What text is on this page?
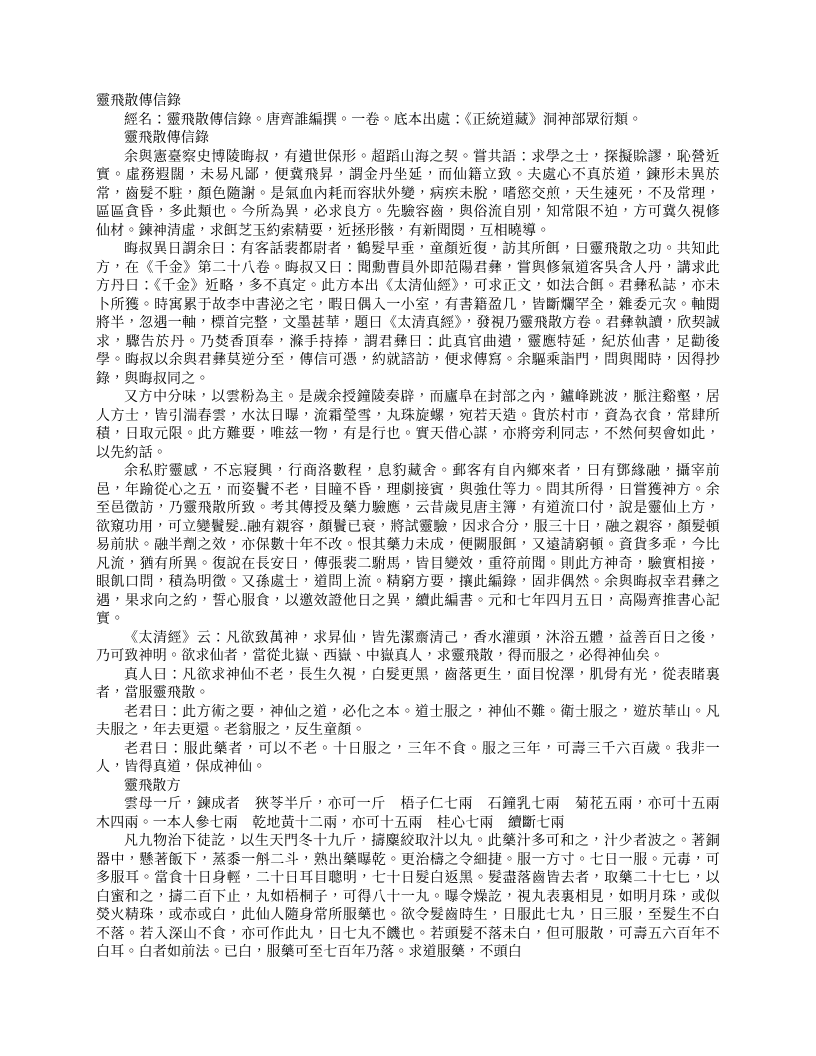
靈飛散傳信錄

經名：靈飛散傳信錄。唐齊誰編撰。一卷。底本出處：《正統道藏》洞神部眾衍類。

靈飛散傳信錄

余與憲臺察史博陵晦叔，有遺世保形。超蹈山海之契。嘗共語：求學之士，探擬賒謬，恥營近實。虛務遐闊，未易凡鄙，便冀飛昇，謂金丹坐延，而仙籍立致。夫處心不真於道，鍊形未異於常，齒髮不駐，顏色隨謝。是氣血內耗而容狀外變，病疾未脫，嗜慾交煎，天生速死，不及常理，區區貪昏，多此類也。今所為異，必求良方。先驗容齒，與俗流自別，知常限不迫，方可冀久視修仙材。鍊神清虛，求餌芝玉約索精要，近拯形骸，有新聞閱，互相曉導。

晦叔異日謂余曰：有客話裴都尉者，鶴髮早垂，童顏近復，訪其所餌，曰靈飛散之功。共知此方，在《千金》第二十八卷。晦叔又曰：聞勳曹員外即范陽君彝，嘗與修氣道客吳含人丹，講求此方丹曰：《千金》近略，多不真定。此方本出《太清仙經》，可求正文，如法合餌。君彝私誌，亦未卜所獲。時寓累于故李中書泌之宅，暇日偶入一小室，有書籍盈几，皆斷爛罕全，雜委元次。軸閱將半，忽遇一軸，標首完整，文墨甚華，題曰《太清真經》，發視乃靈飛散方卷。君彝執讀，欣契誠求，驟告於丹。乃焚香頂奉，滌手持捧，謂君彝曰：此真官曲遺，靈應特延，紀於仙書，足勸後學。晦叔以余與君彝莫逆分至，傳信可憑，約就諮訪，便求傳寫。余驅乘詣門，問與聞時，因得抄錄，與晦叔同之。

又方中分味，以雲粉為主。是歲余授鐘陵奏辟，而廬阜在封部之內，鑪峰跳波，脈注谿壑，居人方士，皆引湍春雲，水汰日曝，流霜瑩雪，丸珠旋螺，宛若天造。貨於村市，資為衣食，常肆所積，日取元限。此方難要，唯兹一物，有是行也。實天借心謀，亦將旁利同志，不然何契會如此，以先約話。

余私貯靈感，不忘寢興，行商洛數程，息豹藏舍。郵客有自內鄉來者，曰有鄧緣融，攝宰前邑，年踰從心之五，而姿鬢不老，目瞳不昏，理劇接賓，與強仕等力。問其所得，曰嘗獲神方。余至邑徵訪，乃靈飛散所致。考其傳授及藥力驗應，云昔歲見唐主簿，有道流口付，說是靈仙上方，欲窺功用，可立變鬢髮..融有親容，顏鬢已衰，將試靈驗，因求合分，服三十日，融之親容，顏髮頓易前狀。融半劑之效，亦保數十年不改。恨其藥力未成，便闕服餌，又遠請窮頓。資貨多乖，今比凡流，猶有所異。復說在長安日，傳張裴二駙馬，皆目變效，重符前聞。則此方神奇，驗實相接，眼飢口問，積為明徵。又孫處士，道問上流。精窮方要，攘此編錄，固非偶然。余與晦叔幸君彝之遇，果求向之約，誓心服食，以邀效證他日之異，續此編書。元和七年四月五日，高陽齊推書心記實。

《太清經》云：凡欲致萬神，求昇仙，皆先潔齋清己，香水灌頭，沐浴五體，益善百日之後，乃可致神明。欲求仙者，當從北嶽、西嶽、中嶽真人，求靈飛散，得而服之，必得神仙矣。

真人曰：凡欲求神仙不老，長生久視，白髮更黑，齒落更生，面目悅澤，肌骨有光，從表睹裏者，當服靈飛散。

老君曰：此方術之要，神仙之道，必化之本。道士服之，神仙不難。衛士服之，遊於華山。凡夫服之，年去更還。老翁服之，反生童顏。

老君曰：服此藥者，可以不老。十日服之，三年不食。服之三年，可壽三千六百歲。我非一人，皆得真道，保成神仙。

靈飛散方

雲母一斤，鍊成者　狹苓半斤，亦可一斤　梧子仁七兩　石鐘乳七兩　菊花五兩，亦可十五兩　木四兩。一本人參七兩　乾地黃十二兩，亦可十五兩　桂心七兩　續斷七兩

凡九物治下徒訖，以生天門冬十九斤，擣麋絞取汁以丸。此藥汁多可和之，汁少者波之。著銅器中，懸著飯下，蒸黍一斛二斗，熟出藥曝乾。更治檮之令細捷。服一方寸。七日一服。元毒，可多服耳。當食十日身輕，二十日耳目聰明，七十日髮白返黑。髮盡落齒皆去者，取藥二十七匕，以白蜜和之，擣二百下止，丸如梧桐子，可得八十一丸。曝令燥訖，視丸表裏相見，如明月珠，或似熒火精珠，或赤或白，此仙人隨身常所服藥也。欲令髮齒時生，日服此七丸，日三服，至髮生不白不落。若入深山不食，亦可作此丸，日七丸不饑也。若頭髮不落未白，但可服散，可壽五六百年不白耳。白者如前法。已白，服藥可至七百年乃落。求道服藥，不頭白
